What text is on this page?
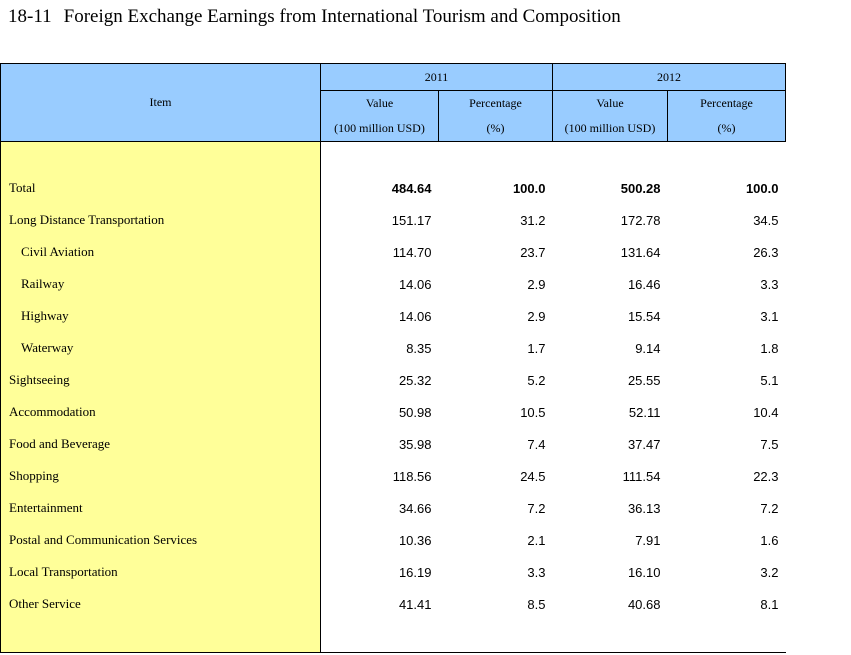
18-11 Foreign Exchange Earnings from International Tourism and Composition
Item	2011		2012	
	Value	Percentage	Value	Percentage
	(100 million USD)	(%)	(100 million USD)	(%)

Total	484.64	100.0	500.28	100.0
Long Distance Transportation	151.17	31.2	172.78	34.5
Civil Aviation	114.70	23.7	131.64	26.3
Railway	14.06	2.9	16.46	3.3
Highway	14.06	2.9	15.54	3.1
Waterway	8.35	1.7	9.14	1.8
Sightseeing	25.32	5.2	25.55	5.1
Accommodation	50.98	10.5	52.11	10.4
Food and Beverage	35.98	7.4	37.47	7.5
Shopping	118.56	24.5	111.54	22.3
Entertainment	34.66	7.2	36.13	7.2
Postal and Communication Services	10.36	2.1	7.91	1.6
Local Transportation	16.19	3.3	16.10	3.2
Other Service	41.41	8.5	40.68	8.1
